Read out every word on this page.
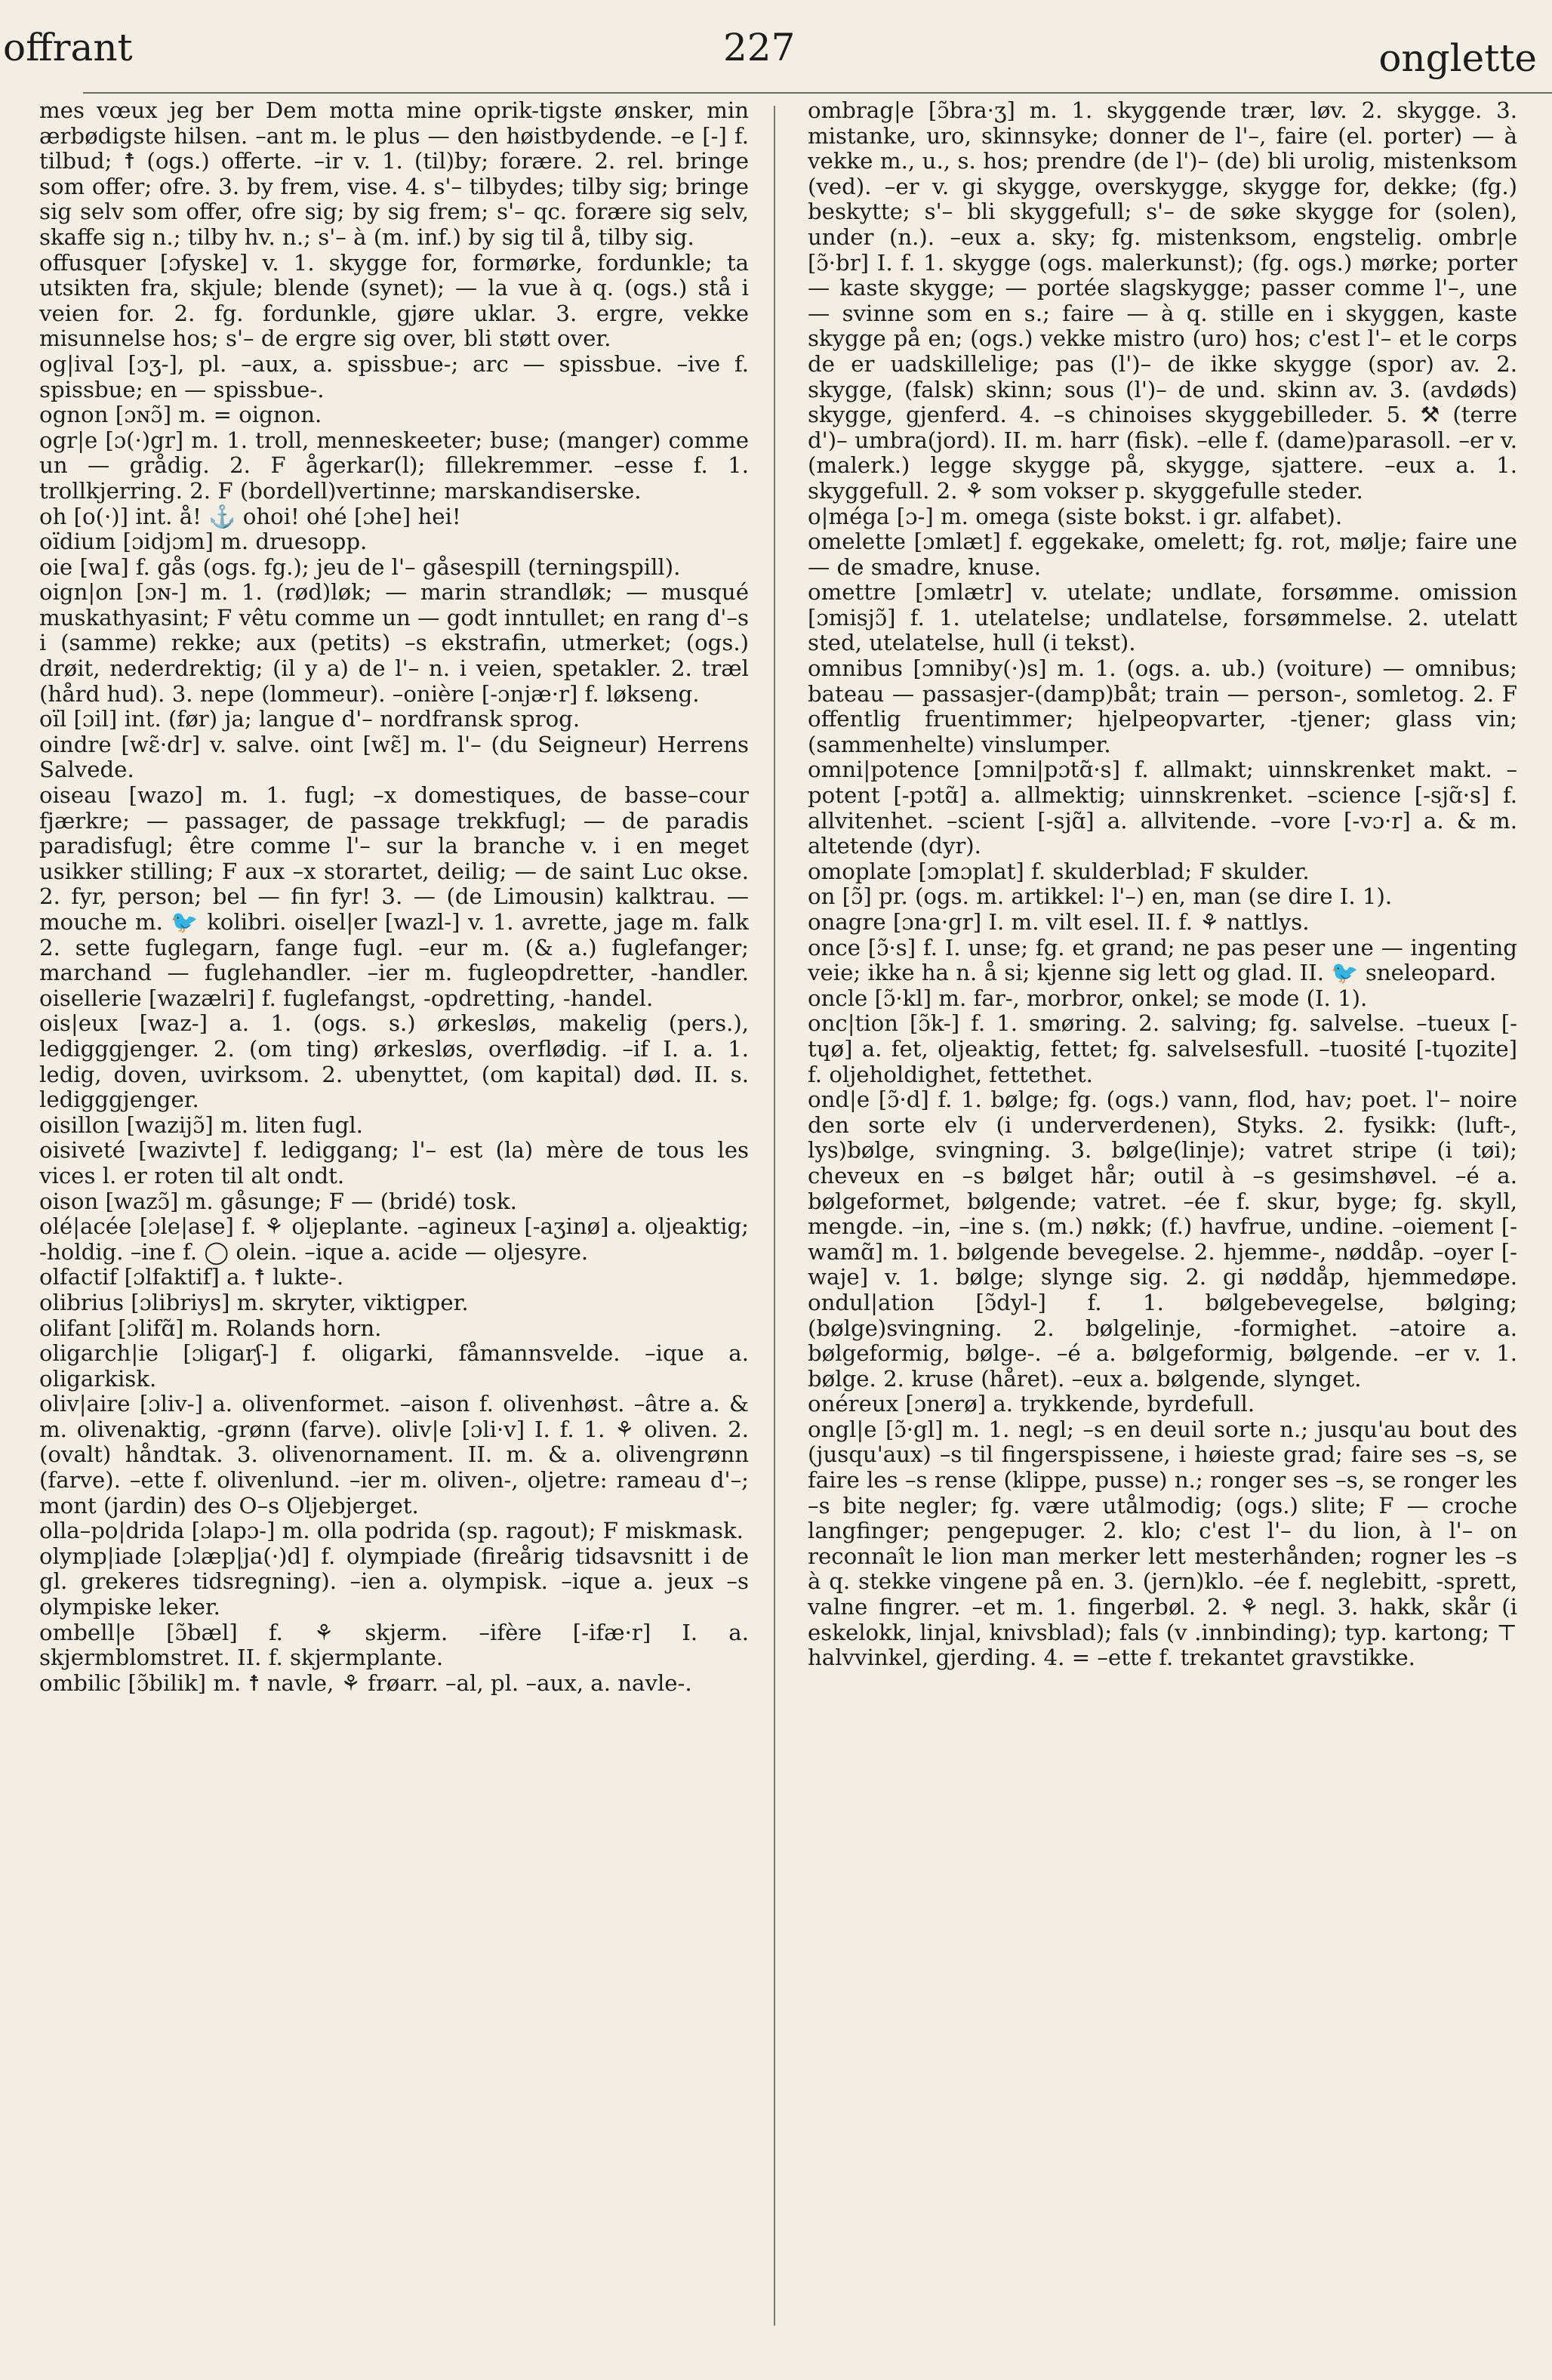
offrant	227	onglette

mes vœux jeg ber Dem motta mine oprik-tigste ønsker, min ærbødigste hilsen. –ant m. le plus — den høistbydende. –e [-] f. tilbud; ☨ (ogs.) offerte. –ir v. 1. (til)by; forære. 2. rel. bringe som offer; ofre. 3. by frem, vise. 4. s'– tilbydes; tilby sig; bringe sig selv som offer, ofre sig; by sig frem; s'– qc. forære sig selv, skaffe sig n.; tilby hv. n.; s'– à (m. inf.) by sig til å, tilby sig.

offusquer [ɔfyske] v. 1. skygge for, formørke, fordunkle; ta utsikten fra, skjule; blende (synet); — la vue à q. (ogs.) stå i veien for. 2. fg. fordunkle, gjøre uklar. 3. ergre, vekke misunnelse hos; s'– de ergre sig over, bli støtt over.

og|ival [ɔʒ-], pl. –aux, a. spissbue-; arc — spissbue. –ive f. spissbue; en — spissbue-.

ognon [ɔɴɔ̃] m. = oignon.

ogr|e [ɔ(·)gr] m. 1. troll, menneskeeter; buse; (manger) comme un — grådig. 2. F ågerkar(l); fillekremmer. –esse f. 1. trollkjerring. 2. F (bordell)vertinne; marskandiserske.

oh [o(·)] int. å! ⚓ ohoi! ohé [ɔhe] hei!

oïdium [ɔidjɔm] m. druesopp.

oie [wa] f. gås (ogs. fg.); jeu de l'– gåsespill (terningspill).

oign|on [ɔɴ-] m. 1. (rød)løk; — marin strandløk; — musqué muskathyasint; F vêtu comme un — godt inntullet; en rang d'–s i (samme) rekke; aux (petits) –s ekstrafin, utmerket; (ogs.) drøit, nederdrektig; (il y a) de l'– n. i veien, spetakler. 2. træl (hård hud). 3. nepe (lommeur). –onière [-ɔnjæ·r] f. løkseng.

oïl [ɔil] int. (før) ja; langue d'– nordfransk sprog.

oindre [wɛ̃·dr] v. salve. oint [wɛ̃] m. l'– (du Seigneur) Herrens Salvede.

oiseau [wazo] m. 1. fugl; –x domestiques, de basse–cour fjærkre; — passager, de passage trekkfugl; — de paradis paradisfugl; être comme l'– sur la branche v. i en meget usikker stilling; F aux –x storartet, deilig; — de saint Luc okse. 2. fyr, person; bel — fin fyr! 3. — (de Limousin) kalktrau. —mouche m. 🐦 kolibri. oisel|er [wazl-] v. 1. avrette, jage m. falk 2. sette fuglegarn, fange fugl. –eur m. (& a.) fuglefanger; marchand — fuglehandler. –ier m. fugleopdretter, -handler. oisellerie [wazælri] f. fuglefangst, -opdretting, -handel.

ois|eux [waz-] a. 1. (ogs. s.) ørkesløs, makelig (pers.), ledigggjenger. 2. (om ting) ørkesløs, overflødig. –if I. a. 1. ledig, doven, uvirksom. 2. ubenyttet, (om kapital) død. II. s. ledigggjenger.

oisillon [wazijɔ̃] m. liten fugl.

oisiveté [wazivte] f. lediggang; l'– est (la) mère de tous les vices l. er roten til alt ondt.

oison [wazɔ̃] m. gåsunge; F — (bridé) tosk.

olé|acée [ɔle|ase] f. ⚘ oljeplante. –agineux [-aʒinø] a. oljeaktig; -holdig. –ine f. ◯ olein. –ique a. acide — oljesyre.

olfactif [ɔlfaktif] a. ☨ lukte-.

olibrius [ɔlibriys] m. skryter, viktigper.

olifant [ɔlifɑ̃] m. Rolands horn.

oligarch|ie [ɔligarʃ-] f. oligarki, fåmannsvelde. –ique a. oligarkisk.

oliv|aire [ɔliv-] a. olivenformet. –aison f. olivenhøst. –âtre a. & m. olivenaktig, -grønn (farve). oliv|e [ɔli·v] I. f. 1. ⚘ oliven. 2. (ovalt) håndtak. 3. olivenornament. II. m. & a. olivengrønn (farve). –ette f. olivenlund. –ier m. oliven-, oljetre: rameau d'–; mont (jardin) des O–s Oljebjerget.

olla–po|drida [ɔlapɔ-] m. olla podrida (sp. ragout); F miskmask.

olymp|iade [ɔlæp|ja(·)d] f. olympiade (fireårig tidsavsnitt i de gl. grekeres tidsregning). –ien a. olympisk. –ique a. jeux –s olympiske leker.

ombell|e [ɔ̃bæl] f. ⚘ skjerm. –ifère [-ifæ·r] I. a. skjermblomstret. II. f. skjermplante.

ombilic [ɔ̃bilik] m. ☨ navle, ⚘ frøarr. –al, pl. –aux, a. navle-.

ombrag|e [ɔ̃bra·ʒ] m. 1. skyggende trær, løv. 2. skygge. 3. mistanke, uro, skinnsyke; donner de l'–, faire (el. porter) — à vekke m., u., s. hos; prendre (de l')– (de) bli urolig, mistenksom (ved). –er v. gi skygge, overskygge, skygge for, dekke; (fg.) beskytte; s'– bli skyggefull; s'– de søke skygge for (solen), under (n.). –eux a. sky; fg. mistenksom, engstelig. ombr|e [ɔ̃·br] I. f. 1. skygge (ogs. malerkunst); (fg. ogs.) mørke; porter — kaste skygge; — portée slagskygge; passer comme l'–, une — svinne som en s.; faire — à q. stille en i skyggen, kaste skygge på en; (ogs.) vekke mistro (uro) hos; c'est l'– et le corps de er uadskillelige; pas (l')– de ikke skygge (spor) av. 2. skygge, (falsk) skinn; sous (l')– de und. skinn av. 3. (avdøds) skygge, gjenferd. 4. –s chinoises skyggebilleder. 5. ⚒ (terre d')– umbra(jord). II. m. harr (fisk). –elle f. (dame)parasoll. –er v. (malerk.) legge skygge på, skygge, sjattere. –eux a. 1. skyggefull. 2. ⚘ som vokser p. skyggefulle steder.

o|méga [ɔ-] m. omega (siste bokst. i gr. alfabet).

omelette [ɔmlæt] f. eggekake, omelett; fg. rot, mølje; faire une — de smadre, knuse.

omettre [ɔmlætr] v. utelate; undlate, forsømme. omission [ɔmisjɔ̃] f. 1. utelatelse; undlatelse, forsømmelse. 2. utelatt sted, utelatelse, hull (i tekst).

omnibus [ɔmniby(·)s] m. 1. (ogs. a. ub.) (voiture) — omnibus; bateau — passasjer-(damp)båt; train — person-, somletog. 2. F offentlig fruentimmer; hjelpeopvarter, -tjener; glass vin; (sammenhelte) vinslumper.

omni|potence [ɔmni|pɔtɑ̃·s] f. allmakt; uinnskrenket makt. –potent [-pɔtɑ̃] a. allmektig; uinnskrenket. –science [-sjɑ̃·s] f. allvitenhet. –scient [-sjɑ̃] a. allvitende. –vore [-vɔ·r] a. & m. altetende (dyr).

omoplate [ɔmɔplat] f. skulderblad; F skulder.

on [ɔ̃] pr. (ogs. m. artikkel: l'–) en, man (se dire I. 1).

onagre [ɔna·gr] I. m. vilt esel. II. f. ⚘ nattlys.

once [ɔ̃·s] f. I. unse; fg. et grand; ne pas peser une — ingenting veie; ikke ha n. å si; kjenne sig lett og glad. II. 🐦 sneleopard.

oncle [ɔ̃·kl] m. far-, morbror, onkel; se mode (I. 1).

onc|tion [ɔ̃k-] f. 1. smøring. 2. salving; fg. salvelse. –tueux [-tɥø] a. fet, oljeaktig, fettet; fg. salvelsesfull. –tuosité [-tɥozite] f. oljeholdighet, fettethet.

ond|e [ɔ̃·d] f. 1. bølge; fg. (ogs.) vann, flod, hav; poet. l'– noire den sorte elv (i underverdenen), Styks. 2. fysikk: (luft-, lys)bølge, svingning. 3. bølge(linje); vatret stripe (i tøi); cheveux en –s bølget hår; outil à –s gesimshøvel. –é a. bølgeformet, bølgende; vatret. –ée f. skur, byge; fg. skyll, mengde. –in, –ine s. (m.) nøkk; (f.) havfrue, undine. –oiement [-wamɑ̃] m. 1. bølgende bevegelse. 2. hjemme-, nøddåp. –oyer [-waje] v. 1. bølge; slynge sig. 2. gi nøddåp, hjemmedøpe. ondul|ation [ɔ̃dyl-] f. 1. bølgebevegelse, bølging; (bølge)svingning. 2. bølgelinje, -formighet. –atoire a. bølgeformig, bølge-. –é a. bølgeformig, bølgende. –er v. 1. bølge. 2. kruse (håret). –eux a. bølgende, slynget.

onéreux [ɔnerø] a. trykkende, byrdefull.

ongl|e [ɔ̃·gl] m. 1. negl; –s en deuil sorte n.; jusqu'au bout des (jusqu'aux) –s til fingerspissene, i høieste grad; faire ses –s, se faire les –s rense (klippe, pusse) n.; ronger ses –s, se ronger les –s bite negler; fg. være utålmodig; (ogs.) slite; F — croche langfinger; pengepuger. 2. klo; c'est l'– du lion, à l'– on reconnaît le lion man merker lett mesterhånden; rogner les –s à q. stekke vingene på en. 3. (jern)klo. –ée f. neglebitt, -sprett, valne fingrer. –et m. 1. fingerbøl. 2. ⚘ negl. 3. hakk, skår (i eskelokk, linjal, knivsblad); fals (v .innbinding); typ. kartong; ⊤ halvvinkel, gjerding. 4. = –ette f. trekantet gravstikke.
